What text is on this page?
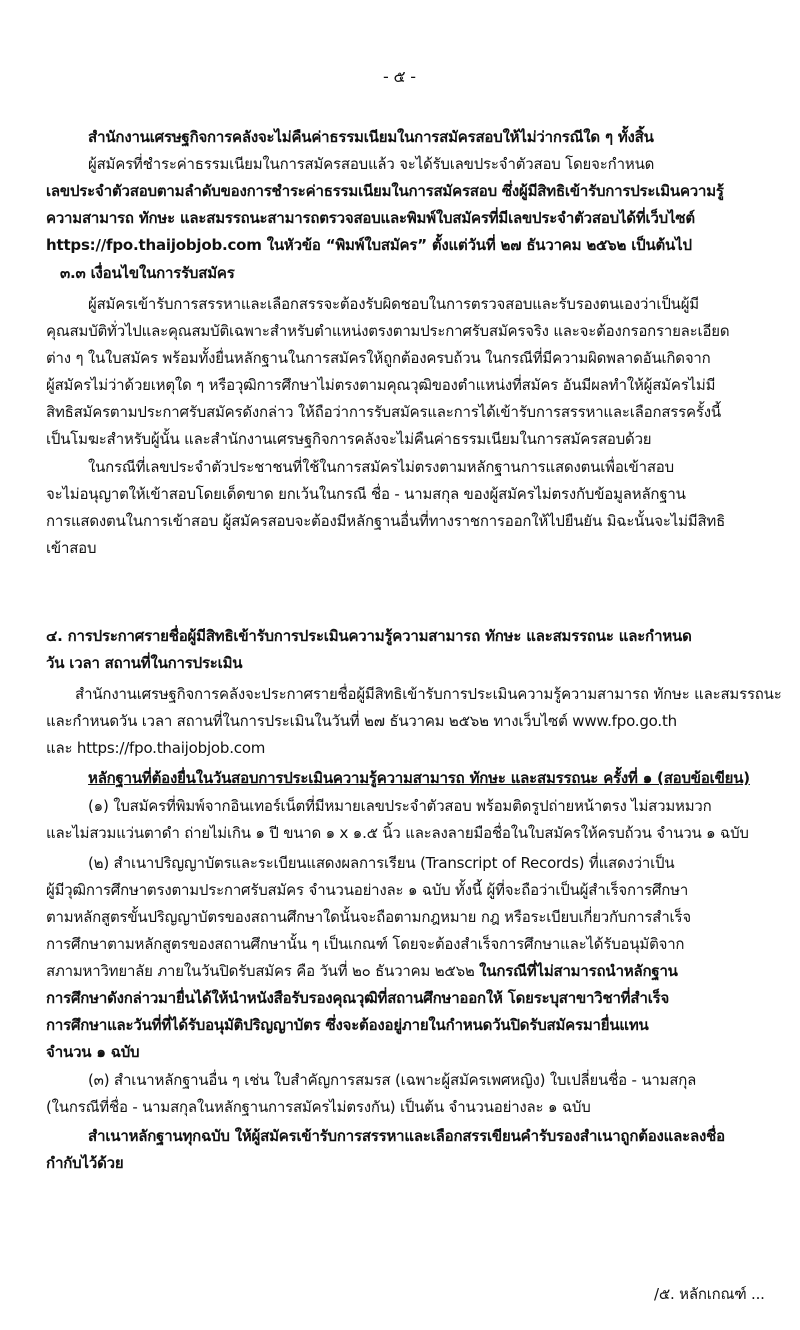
- ๕ -
สำนักงานเศรษฐกิจการคลังจะไม่คืนค่าธรรมเนียมในการสมัครสอบให้ไม่ว่ากรณีใด ๆ ทั้งสิ้น
ผู้สมัครที่ชำระค่าธรรมเนียมในการสมัครสอบแล้ว จะได้รับเลขประจำตัวสอบ โดยจะกำหนด
เลขประจำตัวสอบตามลำดับของการชำระค่าธรรมเนียมในการสมัครสอบ ซึ่งผู้มีสิทธิเข้ารับการประเมินความรู้
ความสามารถ ทักษะ และสมรรถนะสามารถตรวจสอบและพิมพ์ใบสมัครที่มีเลขประจำตัวสอบได้ที่เว็บไซต์
https://fpo.thaijobjob.com ในหัวข้อ “พิมพ์ใบสมัคร” ตั้งแต่วันที่ ๒๗ ธันวาคม ๒๕๖๒ เป็นต้นไป
๓.๓ เงื่อนไขในการรับสมัคร
ผู้สมัครเข้ารับการสรรหาและเลือกสรรจะต้องรับผิดชอบในการตรวจสอบและรับรองตนเองว่าเป็นผู้มี
คุณสมบัติทั่วไปและคุณสมบัติเฉพาะสำหรับตำแหน่งตรงตามประกาศรับสมัครจริง และจะต้องกรอกรายละเอียด
ต่าง ๆ ในใบสมัคร พร้อมทั้งยื่นหลักฐานในการสมัครให้ถูกต้องครบถ้วน ในกรณีที่มีความผิดพลาดอันเกิดจาก
ผู้สมัครไม่ว่าด้วยเหตุใด ๆ หรือวุฒิการศึกษาไม่ตรงตามคุณวุฒิของตำแหน่งที่สมัคร อันมีผลทำให้ผู้สมัครไม่มี
สิทธิสมัครตามประกาศรับสมัครดังกล่าว ให้ถือว่าการรับสมัครและการได้เข้ารับการสรรหาและเลือกสรรครั้งนี้
เป็นโมฆะสำหรับผู้นั้น และสำนักงานเศรษฐกิจการคลังจะไม่คืนค่าธรรมเนียมในการสมัครสอบด้วย
ในกรณีที่เลขประจำตัวประชาชนที่ใช้ในการสมัครไม่ตรงตามหลักฐานการแสดงตนเพื่อเข้าสอบ
จะไม่อนุญาตให้เข้าสอบโดยเด็ดขาด ยกเว้นในกรณี ชื่อ - นามสกุล ของผู้สมัครไม่ตรงกับข้อมูลหลักฐาน
การแสดงตนในการเข้าสอบ ผู้สมัครสอบจะต้องมีหลักฐานอื่นที่ทางราชการออกให้ไปยืนยัน มิฉะนั้นจะไม่มีสิทธิ
เข้าสอบ
๔. การประกาศรายชื่อผู้มีสิทธิเข้ารับการประเมินความรู้ความสามารถ ทักษะ และสมรรถนะ และกำหนด
วัน เวลา สถานที่ในการประเมิน
สำนักงานเศรษฐกิจการคลังจะประกาศรายชื่อผู้มีสิทธิเข้ารับการประเมินความรู้ความสามารถ ทักษะ และสมรรถนะ
และกำหนดวัน เวลา สถานที่ในการประเมินในวันที่ ๒๗ ธันวาคม ๒๕๖๒ ทางเว็บไซต์ www.fpo.go.th
และ https://fpo.thaijobjob.com
หลักฐานที่ต้องยื่นในวันสอบการประเมินความรู้ความสามารถ ทักษะ และสมรรถนะ ครั้งที่ ๑ (สอบข้อเขียน)
(๑) ใบสมัครที่พิมพ์จากอินเทอร์เน็ตที่มีหมายเลขประจำตัวสอบ พร้อมติดรูปถ่ายหน้าตรง ไม่สวมหมวก
และไม่สวมแว่นตาดำ ถ่ายไม่เกิน ๑ ปี ขนาด ๑ x ๑.๕ นิ้ว และลงลายมือชื่อในใบสมัครให้ครบถ้วน จำนวน ๑ ฉบับ
(๒) สำเนาปริญญาบัตรและระเบียนแสดงผลการเรียน (Transcript of Records) ที่แสดงว่าเป็น
ผู้มีวุฒิการศึกษาตรงตามประกาศรับสมัคร จำนวนอย่างละ ๑ ฉบับ ทั้งนี้ ผู้ที่จะถือว่าเป็นผู้สำเร็จการศึกษา
ตามหลักสูตรขั้นปริญญาบัตรของสถานศึกษาใดนั้นจะถือตามกฎหมาย กฎ หรือระเบียบเกี่ยวกับการสำเร็จ
การศึกษาตามหลักสูตรของสถานศึกษานั้น ๆ เป็นเกณฑ์ โดยจะต้องสำเร็จการศึกษาและได้รับอนุมัติจาก
สภามหาวิทยาลัย ภายในวันปิดรับสมัคร คือ วันที่ ๒๐ ธันวาคม ๒๕๖๒ ในกรณีที่ไม่สามารถนำหลักฐาน
การศึกษาดังกล่าวมายื่นได้ให้นำหนังสือรับรองคุณวุฒิที่สถานศึกษาออกให้ โดยระบุสาขาวิชาที่สำเร็จ
การศึกษาและวันที่ที่ได้รับอนุมัติปริญญาบัตร ซึ่งจะต้องอยู่ภายในกำหนดวันปิดรับสมัครมายื่นแทน
จำนวน ๑ ฉบับ
(๓) สำเนาหลักฐานอื่น ๆ เช่น ใบสำคัญการสมรส (เฉพาะผู้สมัครเพศหญิง) ใบเปลี่ยนชื่อ - นามสกุล
(ในกรณีที่ชื่อ - นามสกุลในหลักฐานการสมัครไม่ตรงกัน) เป็นต้น จำนวนอย่างละ ๑ ฉบับ
สำเนาหลักฐานทุกฉบับ ให้ผู้สมัครเข้ารับการสรรหาและเลือกสรรเขียนคำรับรองสำเนาถูกต้องและลงชื่อ
กำกับไว้ด้วย
/๕. หลักเกณฑ์ ...
